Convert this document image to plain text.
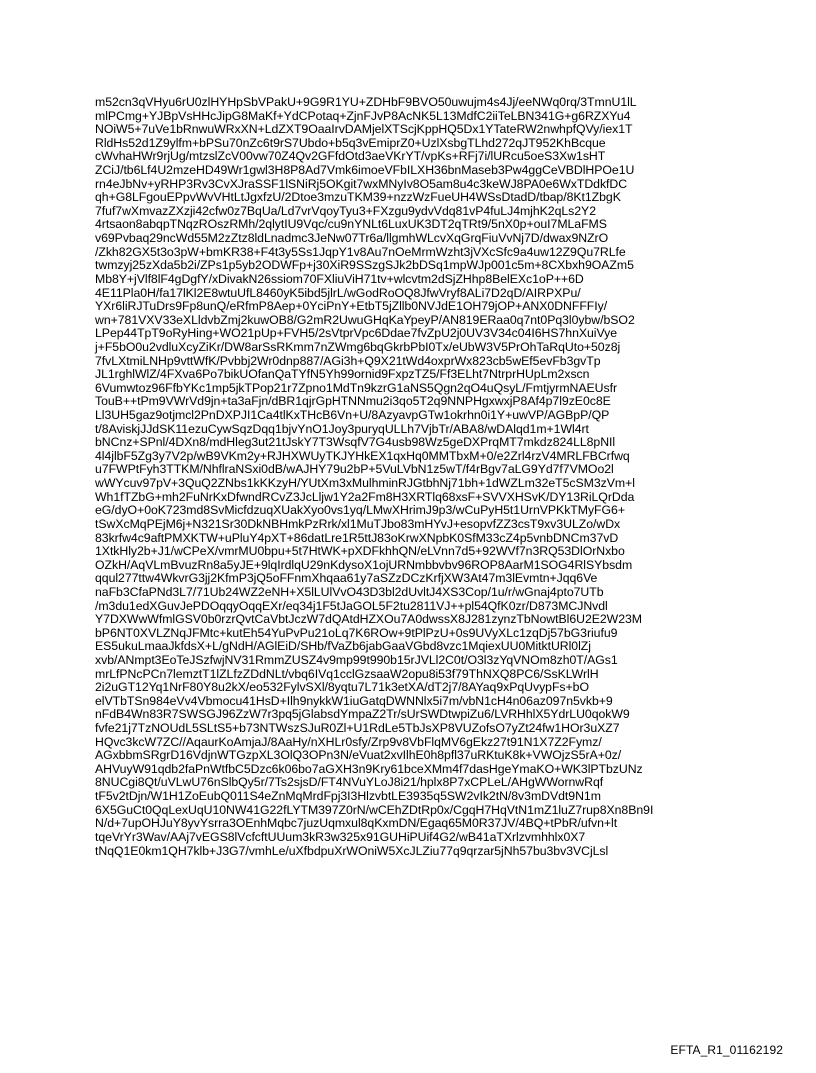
m52cn3qVHyu6rU0zlHYHpSbVPakU+9G9R1YU+ZDHbF9BVO50uwujm4s4Jj/eeNWq0rq/3TmnU1lL
mlPCmg+YJBpVsHHcJipG8MaKf+YdCPotaq+ZjnFJvP8AcNK5L13MdfC2iiTeLBN341G+g6RZXYu4
NOiW5+7uVe1bRnwuWRxXN+LdZXT9OaaIrvDAMjelXTScjKppHQ5Dx1YTateRW2nwhpfQVy/iex1T
RldHs52d1Z9ylfm+bPSu70nZc6t9rS7Ubdo+b5q3vEmiprZ0+UzlXsbgTLhd272qJT952KhBcque
cWvhaHWr9rjUg/mtzslZcV00vw70Z4Qv2GFfdOtd3aeVKrYT/vpKs+RFj7i/lURcu5oeS3Xw1sHT
ZCiJ/tb6Lf4U2mzeHD49Wr1gwl3H8P8Ad7Vmk6imoeVFbILXH36bnMaseb3Pw4ggCeVBDlHPOe1U
rn4eJbNv+yRHP3Rv3CvXJraSSF1lSNiRj5OKgit7wxMNyIv8O5am8u4c3keWJ8PA0e6WxTDdkfDC
qh+G8LFgouEPpvWvVHtLtJgxfzU/2Dtoe3mzuTKM39+nzzWzFueUH4WSsDtadD/tbap/8Kt1ZbgK
7fuf7wXmvazZXzji42cfw0z7BqUa/Ld7vrVqoyTyu3+FXzgu9ydvVdq81vP4fuLJ4mjhK2qLs2Y2
4rtsaon8abqpTNqzROszRMh/2qlytIU9Vqc/cu9nYNLt6LuxUK3DT2qTRt9/5nX0p+ouI7MLaFMS
v69Pvbaq29ncWd55M2zZtz8ldLnadmc3JeNw07Tr6a/llgmhWLcvXqGrqFiuVvNj7D/dwax9NZrO
/Zkh82GX5t3o3pW+bmKR38+F4t3y5Ss1JqpY1v8Au7nOeMrmWzht3jVXcSfc9a4uw12Z9Qu7RLfe
twmzyj25zXda5b2i/ZPs1p5yb2ODWFp+j30XiR9SSzgSJk2bDSq1mpWJp001c5m+8CXbxh9OAZm5
Mb8Y+jVlf8lF4gDgfY/xDivakN26ssiom70FXliuViH71tv+wlcvtm2dSjZHhp8BelEXc1oP++6D
4E11Pla0H/fa17lKl2E8wtuUfL8460yK5ibd5jlrL/wGodRoOQ8JfwVryf8ALi7D2qD/AIRPXPu/
YXr6liRJTuDrs9Fp8unQ/eRfmP8Aep+0YciPnY+EtbT5jZllb0NVJdE1OH79jOP+ANX0DNFFFIy/
wn+781VXV33eXLldvbZmj2kuwOB8/G2mR2UwuGHqKaYpeyP/AN819ERaa0q7nt0Pq3l0ybw/bSO2
LPep44TpT9oRyHing+WO21pUp+FVH5/2sVtprVpc6Ddae7fvZpU2j0UV3V34c04I6HS7hnXuiVye
j+F5bO0u2vdluXcyZiKr/DW8arSsRKmm7nZWmg6bqGkrbPbI0Tx/eUbW3V5PrOhTaRqUto+50z8j
7fvLXtmiLNHp9vttWfK/Pvbbj2Wr0dnp887/AGi3h+Q9X21tWd4oxprWx823cb5wEf5evFb3gvTp
JL1rghlWlZ/4FXva6Po7bikUOfanQaTYfN5Yh99ornid9FxpzTZ5/Ff3ELht7NtrprHUpLm2xscn
6Vumwtoz96FfbYKc1mp5jkTPop21r7Zpno1MdTn9kzrG1aNS5Qgn2qO4uQsyL/FmtjyrmNAEUsfr
TouB++tPm9VWrVd9jn+ta3aFjn/dBR1qjrGpHTNNmu2i3qo5T2q9NNPHgxwxjP8Af4p7l9zE0c8E
Ll3UH5gaz9otjmcl2PnDXPJI1Ca4tlKxTHcB6Vn+U/8AzyavpGTw1okrhn0i1Y+uwVP/AGBpP/QP
t/8AviskjJJdSK11ezuCywSqzDqq1bjvYnO1Joy3puryqULLh7VjbTr/ABA8/wDAlqd1m+1Wl4rt
bNCnz+SPnl/4DXn8/mdHleg3ut21tJskY7T3WsqfV7G4usb98Wz5geDXPrqMT7mkdz824LL8pNIl
4l4jlbF5Zg3y7V2p/wB9VKm2y+RJHXWUyTKJYHkEX1qxHq0MMTbxM+0/e2Zrl4rzV4MRLFBCrfwq
u7FWPtFyh3TTKM/NhflraNSxi0dB/wAJHY79u2bP+5VuLVbN1z5wT/f4rBgv7aLG9Yd7f7VMOo2l
wWYcuv97pV+3QuQ2ZNbs1kKKzyH/YUtXm3xMulhminRJGtbhNj71bh+1dWZLm32eT5cSM3zVm+l
Wh1fTZbG+mh2FuNrKxDfwndRCvZ3JcLljw1Y2a2Fm8H3XRTlq68xsF+SVVXHSvK/DY13RiLQrDda
eG/dyO+0oK723md8SvMicfdzuqXUakXyo0vs1yq/LMwXHrimJ9p3/wCuPyH5t1UrnVPKkTMyFG6+
tSwXcMqPEjM6j+N321Sr30DkNBHmkPzRrk/xl1MuTJbo83mHYvJ+esopvfZZ3csT9xv3ULZo/wDx
83krfw4c9aftPMXKTW+uPluY4pXT+86datLre1R5ttJ83oKrwXNpbK0SfM33cZ4p5vnbDNCm37vD
1XtkHly2b+J1/wCPeX/vmrMU0bpu+5t7HtWK+pXDFkhhQN/eLVnn7d5+92WVf7n3RQ53DlOrNxbo
OZkH/AqVLmBvuzRn8a5yJE+9lqIrdlqU29nKdysoX1ojURNmbbvbv96ROP8AarM1SOG4RlSYbsdm
qqul277ttw4WkvrG3jj2KfmP3jQ5oFFnmXhqaa61y7aSZzDCzKrfjXW3At47m3lEvmtn+Jqq6Ve
naFb3CfaPNd3L7/71Ub24WZ2eNH+X5lLUlVvO43D3bl2dUvltJ4XS3Cop/1u/r/wGnaj4pto7UTb
/m3du1edXGuvJePDOqqyOqqEXr/eq34j1F5tJaGOL5F2tu2811VJ++pl54QfK0zr/D873MCJNvdl
Y7DXWwWfmlGSV0b0rzrQvtCaVbtJczW7dQAtdHZXOu7A0dwssX8J281zynzTbNowtBl6U2E2W23M
bP6NT0XVLZNqJFMtc+kutEh54YuPvPu21oLq7K6ROw+9tPlPzU+0s9UVyXLc1zqDj57bG3riufu9
ES5ukuLmaaJkfdsX+L/gNdH/AGlEiD/SHb/fVaZb6jabGaaVGbd8vzc1MqiexUU0MitktURl0lZj
xvb/ANmpt3EoTeJSzfwjNV31RmmZUSZ4v9mp99t990b15rJVLl2C0t/O3l3zYqVNOm8zh0T/AGs1
mrLfPNcPCn7lemztT1lZLfzZDdNLt/vbq6IVq1cclGzsaaW2opu8i53f79ThNXQ8PC6/SsKLWrlH
2i2uGT12Yq1NrF80Y8u2kX/eo532FylvSXl/8yqtu7L71k3etXA/dT2j7/8AYaq9xPqUvypFs+bO
elVTbTSn984eVv4Vbmocu41HsD+Ilh9nykkW1iuGatqDWNNlx5i7m/vbN1cH4n06az097n5vkb+9
nFdB4Wn83R7SWSGJ96ZzW7r3pq5jGlabsdYmpaZ2Tr/sUrSWDtwpiZu6/LVRHhlX5YdrLU0qokW9
fvfe21j7TzNOUdL5SLtS5+b73NTWszSJuR0Zl+U1RdLe5TbJsXP8VUZofsO7yZt24fw1HOr3uXZ7
HQvc3kcW7ZC//AqaurKoAmjaJ/8AaHy/nXHLr0sfy/Zrp9v8VbFlqMV6gEkz27t91N1X7Z2Fymz/
AGxbbmSRgrD16VdjnWTGzpXL3OlQ3OPn3N/eVuat2xvIlhE0h8pfl37uRKtuK8k+VWOjzS5rA+0z/
AHVuyW91qdb2faPnWtfbC5Dzc6k06bo7aGXH3n9Kry61bceXMm4f7dasHgeYmaKO+WK3lPTbzUNz
8NUCgi8Qt/uVLwU76nSlbQy5r/7Ts2sjsD/FT4NVuYLoJ8i21/hplx8P7xCPLeL/AHgWWornwRqf
tF5v2tDjn/W1H1ZoEubQ011S4eZnMqMrdFpj3I3HlzvbtLE3935q5SW2vIk2tN/8v3mDVdt9N1m
6X5GuCt0QqLexUqU10NW41G22fLYTM397Z0rN/wCEhZDtRp0x/CgqH7HqVtN1mZ1luZ7rup8Xn8Bn9I
N/d+7upOHJuY8yvYsrra3OEnhMqbc7juzUqmxul8qKxmDN/Egaq65M0R37JV/4BQ+tPbR/ufvn+lt
tqeVrYr3Wav/AAj7vEGS8lVcfcftUUum3kR3w325x91GUHiPUif4G2/wB41aTXrlzvmhhlx0X7
tNqQ1E0km1QH7klb+J3G7/vmhLe/uXfbdpuXrWOniW5XcJLZiu77q9qrzar5jNh57bu3bv3VCjLsl
EFTA_R1_01162192
